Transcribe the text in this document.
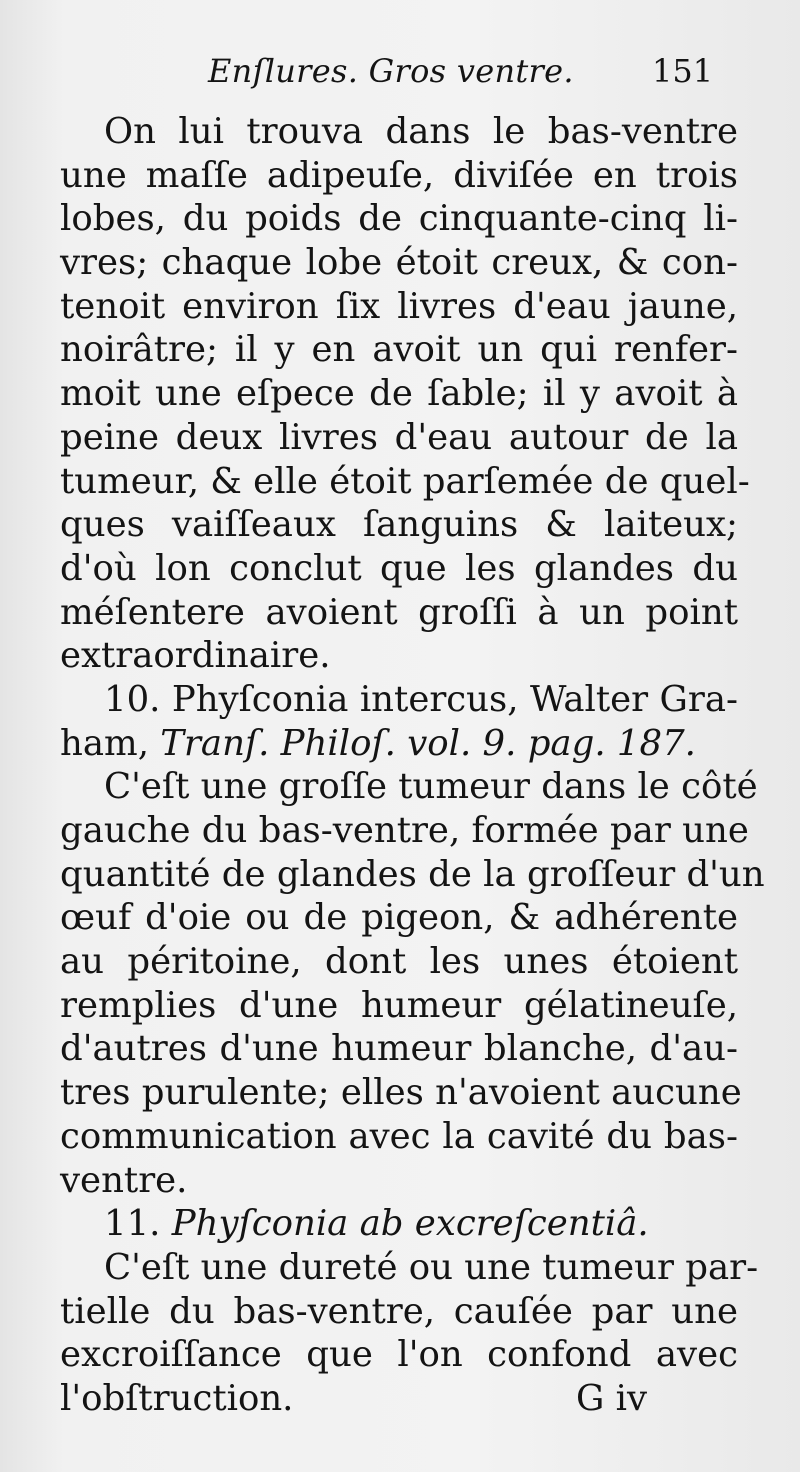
Enſlures. Gros ventre. 151
On lui trouva dans le bas-ventre
une maſſe adipeuſe, diviſée en trois
lobes, du poids de cinquante-cinq li-
vres; chaque lobe étoit creux, & con-
tenoit environ ſix livres d'eau jaune,
noirâtre; il y en avoit un qui renfer-
moit une eſpece de ſable; il y avoit à
peine deux livres d'eau autour de la
tumeur, & elle étoit parſemée de quel-
ques vaiſſeaux ſanguins & laiteux;
d'où lon conclut que les glandes du
méſentere avoient groſſi à un point
extraordinaire.
10. Phyſconia intercus, Walter Gra-
ham, Tranſ. Philoſ. vol. 9. pag. 187.
C'eſt une groſſe tumeur dans le côté
gauche du bas-ventre, formée par une
quantité de glandes de la groſſeur d'un
œuf d'oie ou de pigeon, & adhérente
au péritoine, dont les unes étoient
remplies d'une humeur gélatineuſe,
d'autres d'une humeur blanche, d'au-
tres purulente; elles n'avoient aucune
communication avec la cavité du bas-
ventre.
11. Phyſconia ab excreſcentiâ.
C'eſt une dureté ou une tumeur par-
tielle du bas-ventre, cauſée par une
excroiſſance que l'on confond avec
l'obſtruction.	G iv
